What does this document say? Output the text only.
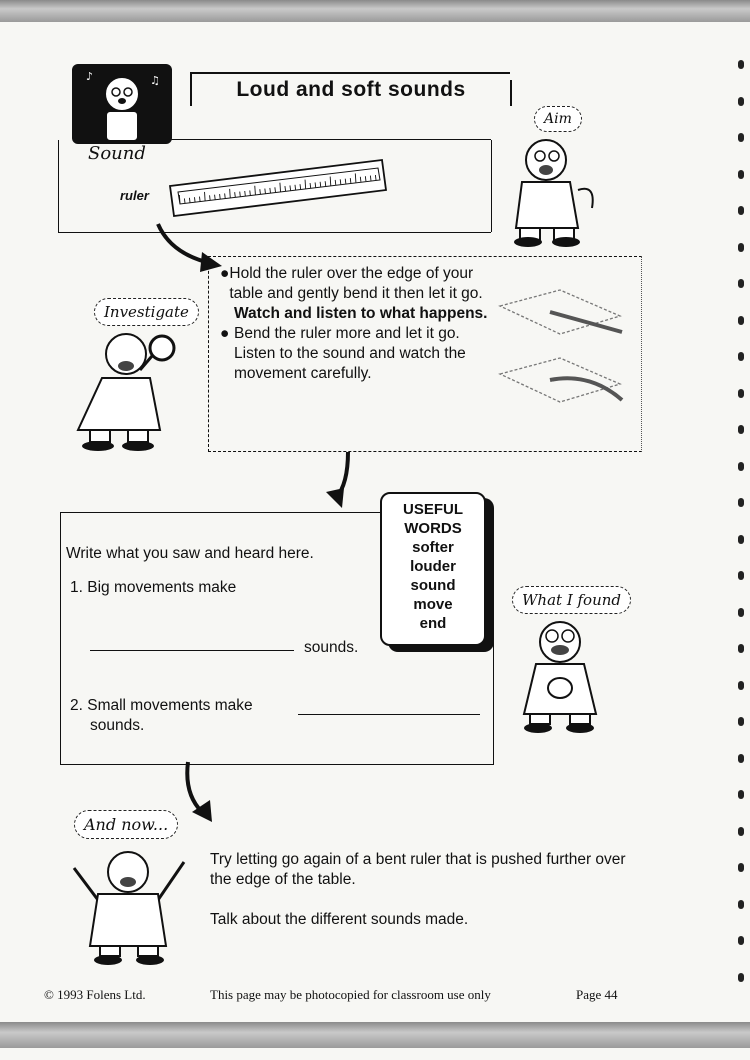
♪	♫
Sound
Loud and soft sounds
ruler
Aim
● Hold the ruler over the edge of your table and gently bend it then let it go.
Watch and listen to what happens.
● Bend the ruler more and let it go.
Listen to the sound and watch the movement carefully.
Investigate
Write what you saw and heard here.
1. Big movements make
sounds.
2. Small movements make
sounds.
USEFUL
WORDS
softer
louder
sound
move
end
What I found
And now...
Try letting go again of a bent ruler that is pushed further over the edge of the table.
Talk about the different sounds made.
© 1993 Folens Ltd.	This page may be photocopied for classroom use only	Page 44
